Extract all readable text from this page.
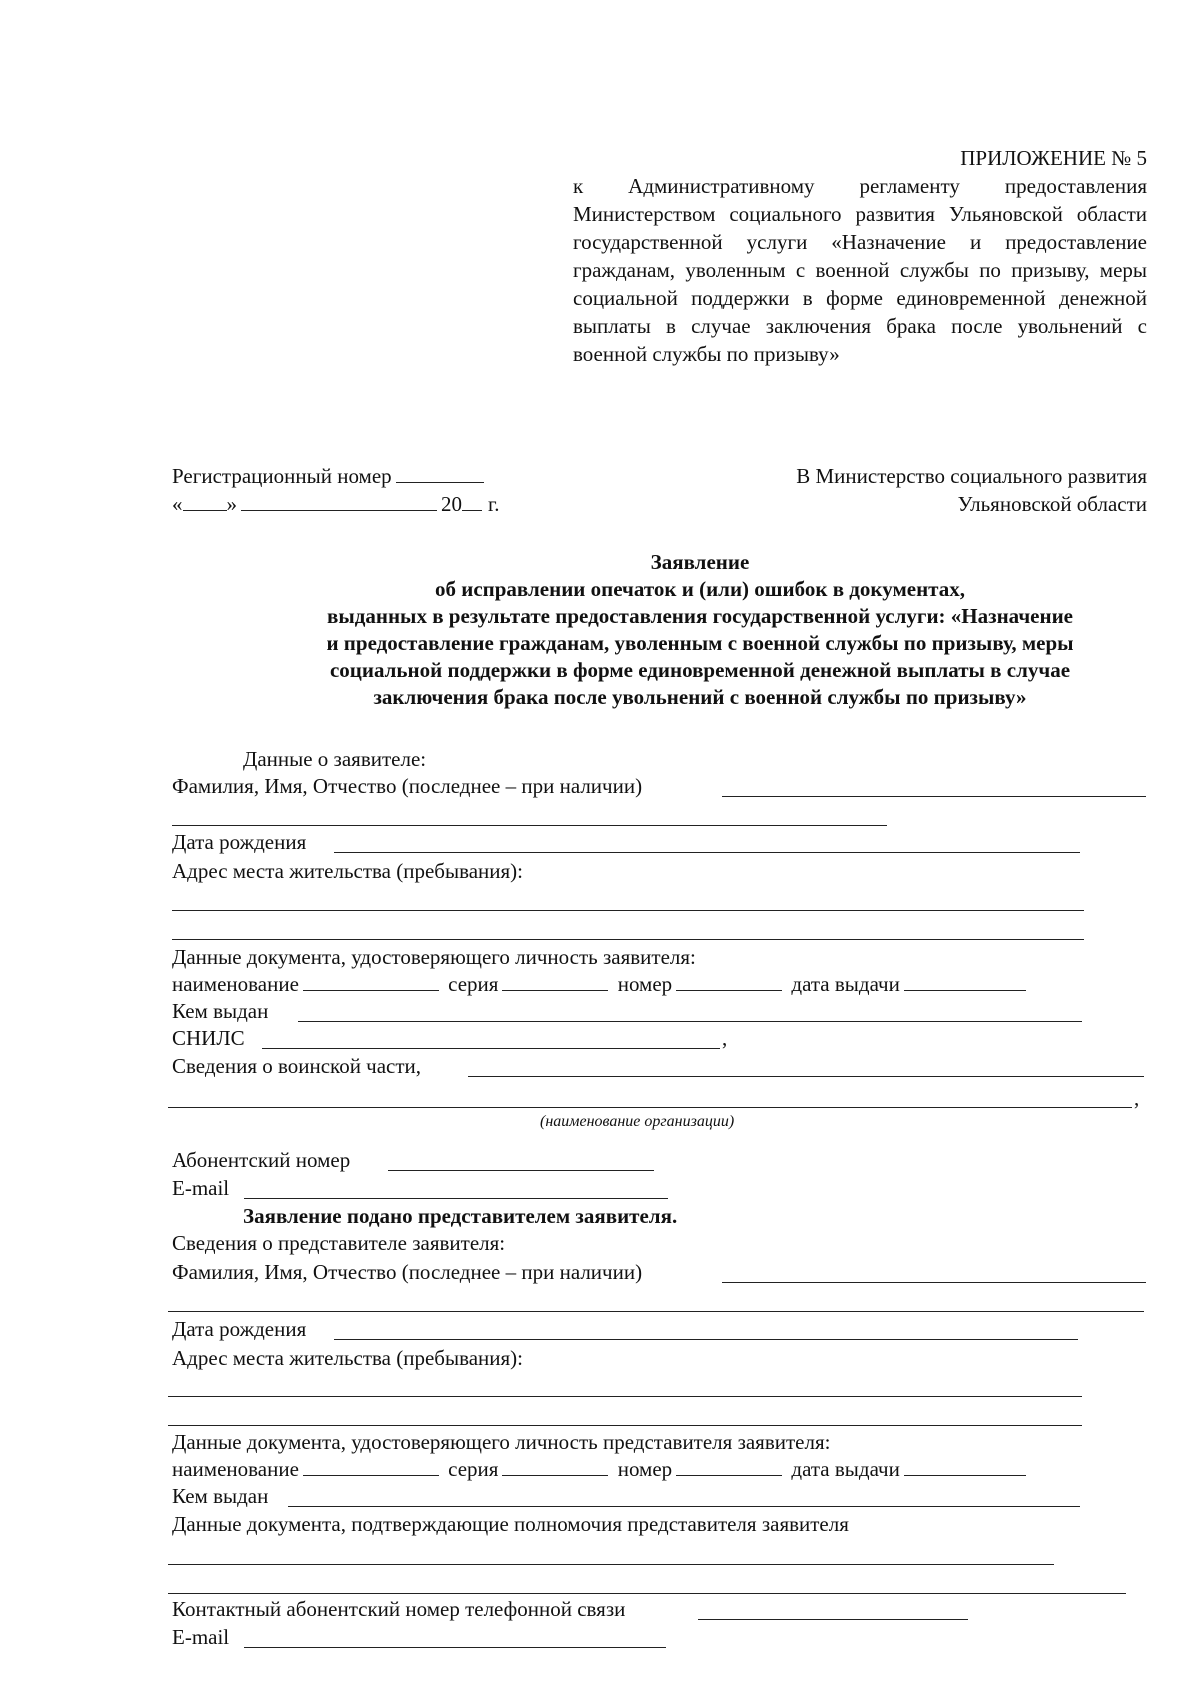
ПРИЛОЖЕНИЕ № 5
к Административному регламенту предоставления Министерством социального развития Ульяновской области государственной услуги «Назначение и предоставление гражданам, уволенным с военной службы по призыву, меры социальной поддержки в форме единовременной денежной выплаты в случае заключения брака после увольнений с военной службы по призыву»
Регистрационный номер
« »	20 г.
В Министерство социального развития
Ульяновской области
Заявление
об исправлении опечаток и (или) ошибок в документах,
выданных в результате предоставления государственной услуги: «Назначение
и предоставление гражданам, уволенным с военной службы по призыву, меры
социальной поддержки в форме единовременной денежной выплаты в случае
заключения брака после увольнений с военной службы по призыву»
Данные о заявителе:
Фамилия, Имя, Отчество (последнее – при наличии)
Дата рождения
Адрес места жительства (пребывания):
Данные документа, удостоверяющего личность заявителя:
наименование	серия	номер	дата выдачи
Кем выдан
СНИЛС	,
Сведения о воинской части,
,
(наименование организации)
Абонентский номер
E-mail
Заявление подано представителем заявителя.
Сведения о представителе заявителя:
Фамилия, Имя, Отчество (последнее – при наличии)
Дата рождения
Адрес места жительства (пребывания):
Данные документа, удостоверяющего личность представителя заявителя:
наименование	серия	номер	дата выдачи
Кем выдан
Данные документа, подтверждающие полномочия представителя заявителя
Контактный абонентский номер телефонной связи
E-mail
